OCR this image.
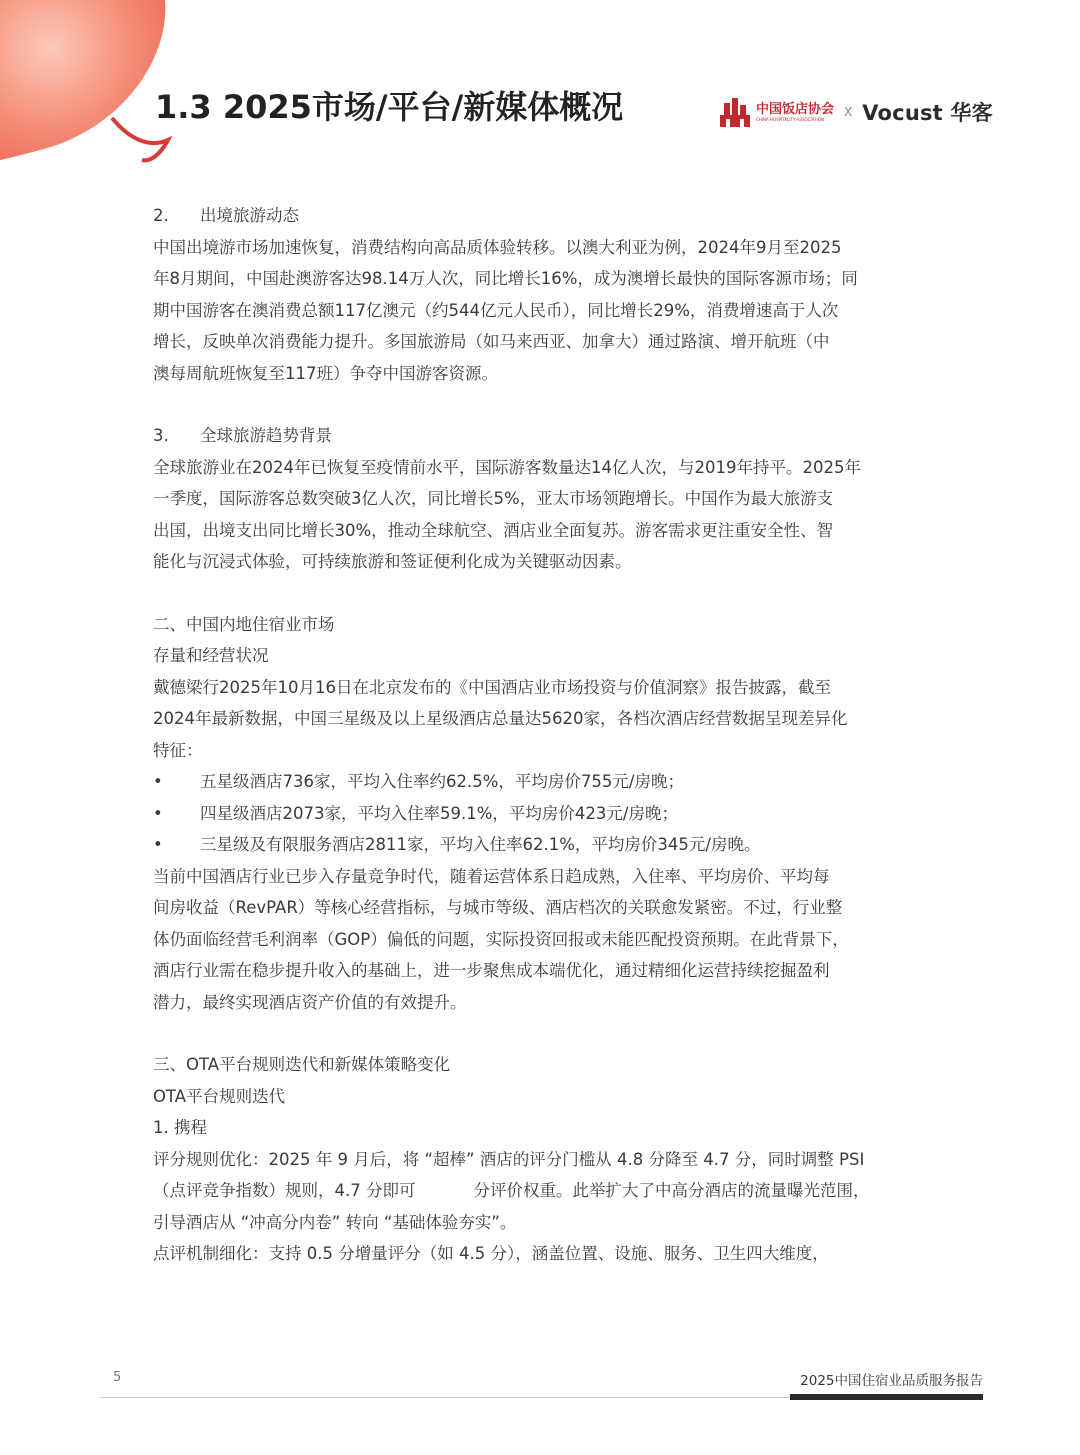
1.3 2025市场/平台/新媒体概况	中国饭店协会
CHINA HOSPITALITY ASSOCIATION	X Vocust 华客
2.	出境旅游动态

中国出境游市场加速恢复，消费结构向高品质体验转移。以澳大利亚为例，2024年9月至2025

年8月期间，中国赴澳游客达98.14万人次，同比增长16%，成为澳增长最快的国际客源市场；同

期中国游客在澳消费总额117亿澳元（约544亿元人民币），同比增长29%，消费增速高于人次

增长，反映单次消费能力提升。多国旅游局（如马来西亚、加拿大）通过路演、增开航班（中

澳每周航班恢复至117班）争夺中国游客资源。

3.	全球旅游趋势背景

全球旅游业在2024年已恢复至疫情前水平，国际游客数量达14亿人次，与2019年持平。2025年

一季度，国际游客总数突破3亿人次，同比增长5%，亚太市场领跑增长。中国作为最大旅游支

出国，出境支出同比增长30%，推动全球航空、酒店业全面复苏。游客需求更注重安全性、智

能化与沉浸式体验，可持续旅游和签证便利化成为关键驱动因素。

二、中国内地住宿业市场

存量和经营状况

戴德梁行2025年10月16日在北京发布的《中国酒店业市场投资与价值洞察》报告披露，截至

2024年最新数据，中国三星级及以上星级酒店总量达5620家，各档次酒店经营数据呈现差异化

特征：

•	五星级酒店736家，平均入住率约62.5%，平均房价755元/房晚；
•	四星级酒店2073家，平均入住率59.1%，平均房价423元/房晚；
•	三星级及有限服务酒店2811家，平均入住率62.1%，平均房价345元/房晚。

当前中国酒店行业已步入存量竞争时代，随着运营体系日趋成熟，入住率、平均房价、平均每

间房收益（RevPAR）等核心经营指标，与城市等级、酒店档次的关联愈发紧密。不过，行业整

体仍面临经营毛利润率（GOP）偏低的问题，实际投资回报或未能匹配投资预期。在此背景下，

酒店行业需在稳步提升收入的基础上，进一步聚焦成本端优化，通过精细化运营持续挖掘盈利

潜力，最终实现酒店资产价值的有效提升。

三、OTA平台规则迭代和新媒体策略变化

OTA平台规则迭代

1. 携程

评分规则优化：2025 年 9 月后，将 “超棒” 酒店的评分门槛从 4.8 分降至 4.7 分，同时调整 PSI

（点评竞争指数）规则，4.7 分即可	分评价权重。此举扩大了中高分酒店的流量曝光范围，

引导酒店从 “冲高分内卷” 转向 “基础体验夯实”。

点评机制细化：支持 0.5 分增量评分（如 4.5 分），涵盖位置、设施、服务、卫生四大维度，

5	2025中国住宿业品质服务报告
